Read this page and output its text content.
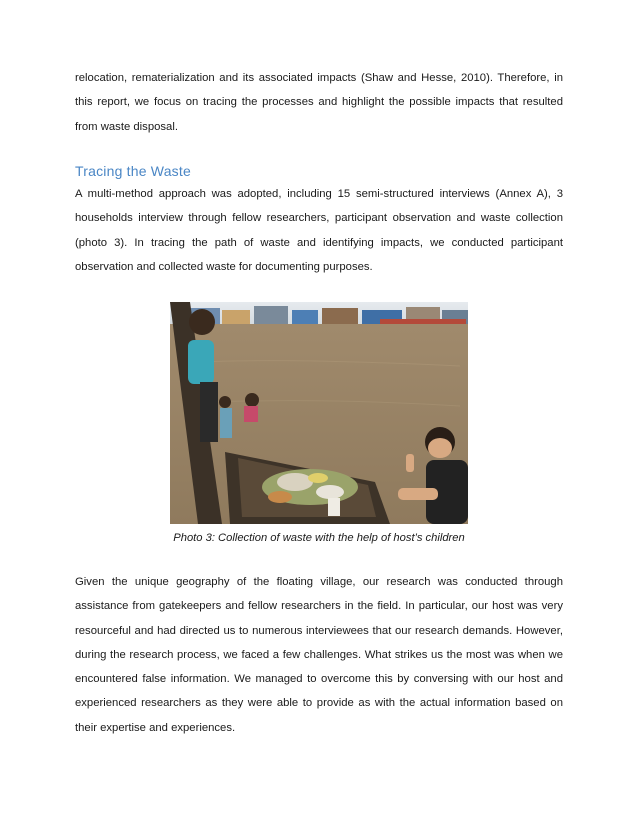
relocation, rematerialization and its associated impacts (Shaw and Hesse, 2010). Therefore, in this report, we focus on tracing the processes and highlight the possible impacts that resulted from waste disposal.

Tracing the Waste

A multi-method approach was adopted, including 15 semi-structured interviews (Annex A), 3 households interview through fellow researchers, participant observation and waste collection (photo 3). In tracing the path of waste and identifying impacts, we conducted participant observation and collected waste for documenting purposes.

Photo 3: Collection of waste with the help of host’s children

Given the unique geography of the floating village, our research was conducted through assistance from gatekeepers and fellow researchers in the field. In particular, our host was very resourceful and had directed us to numerous interviewees that our research demands. However, during the research process, we faced a few challenges. What strikes us the most was when we encountered false information. We managed to overcome this by conversing with our host and experienced researchers as they were able to provide as with the actual information based on their expertise and experiences.
